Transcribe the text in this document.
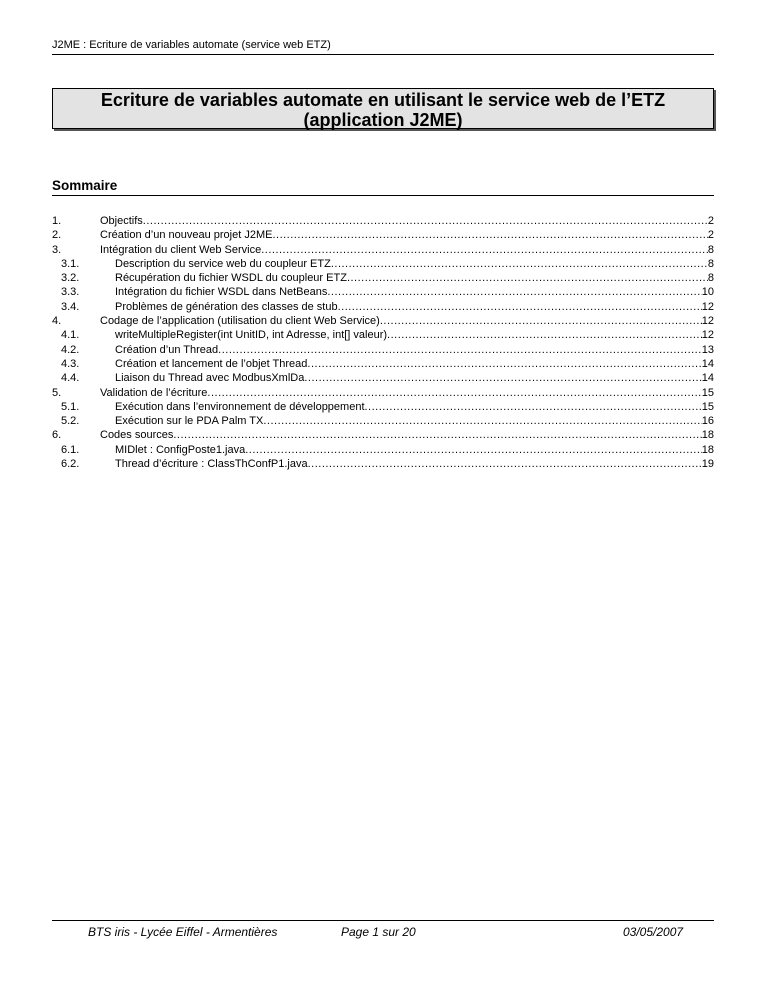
J2ME : Ecriture de variables automate (service web ETZ)
Ecriture de variables automate en utilisant le service web de l’ETZ
(application J2ME)
Sommaire
1.	Objectifs .....	2
2.	Création d’un nouveau projet J2ME .....	2
3.	Intégration du client Web Service .....	8
3.1.	Description du service web du coupleur ETZ .....	8
3.2.	Récupération du fichier WSDL du coupleur ETZ .....	8
3.3.	Intégration du fichier WSDL dans NetBeans .....	10
3.4.	Problèmes de génération des classes de stub .....	12
4.	Codage de l’application (utilisation du client Web Service) .....	12
4.1.	writeMultipleRegister(int UnitID, int Adresse, int[] valeur) .....	12
4.2.	Création d’un Thread .....	13
4.3.	Création et lancement de l’objet Thread .....	14
4.4.	Liaison du Thread avec ModbusXmlDa .....	14
5.	Validation de l’écriture .....	15
5.1.	Exécution dans l’environnement de développement .....	15
5.2.	Exécution sur le PDA Palm TX .....	16
6.	Codes sources .....	18
6.1.	MIDlet : ConfigPoste1.java .....	18
6.2.	Thread d’écriture : ClassThConfP1.java .....	19
BTS iris - Lycée Eiffel - Armentières	Page 1 sur 20	03/05/2007
